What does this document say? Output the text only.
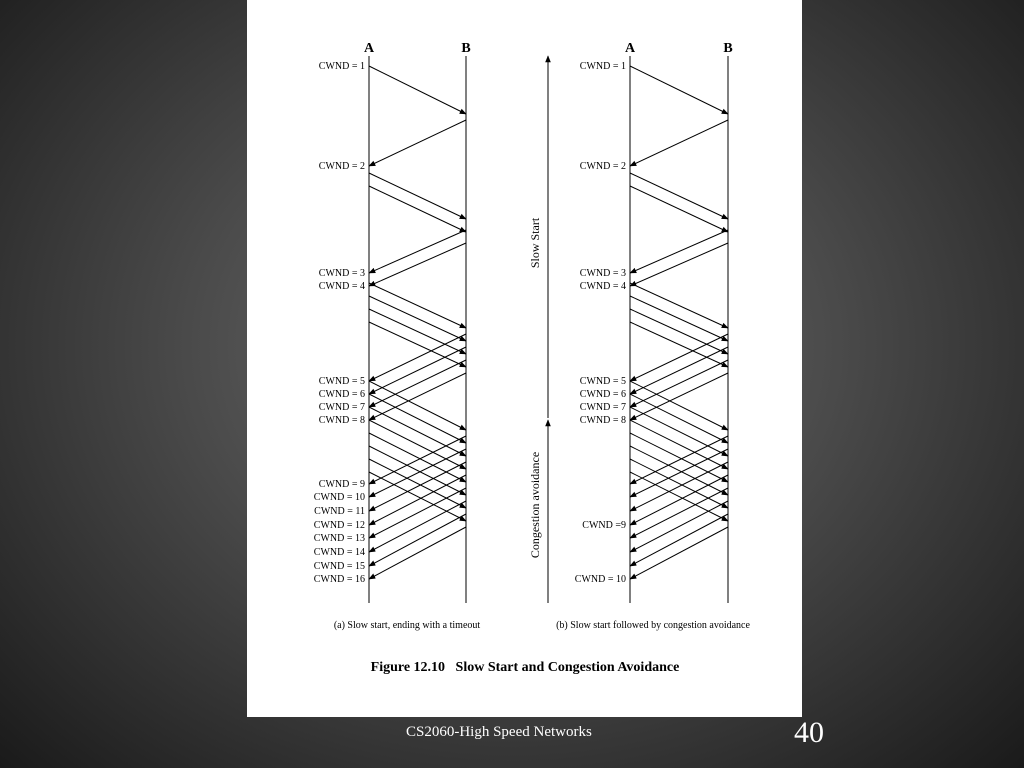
A	B
CWND = 1
CWND = 2
CWND = 3
CWND = 4
CWND = 5
CWND = 6
CWND = 7
CWND = 8
CWND = 9
CWND = 10
CWND = 11
CWND = 12
CWND = 13
CWND = 14
CWND = 15
CWND = 16
A	B
CWND = 1
CWND = 2
CWND = 3
CWND = 4
CWND = 5
CWND = 6
CWND = 7
CWND = 8
CWND =9
CWND = 10
Slow Start
Congestion avoidance
(a) Slow start, ending with a timeout	(b) Slow start followed by congestion avoidance
Figure 12.10   Slow Start and Congestion Avoidance
CS2060-High Speed Networks	40
